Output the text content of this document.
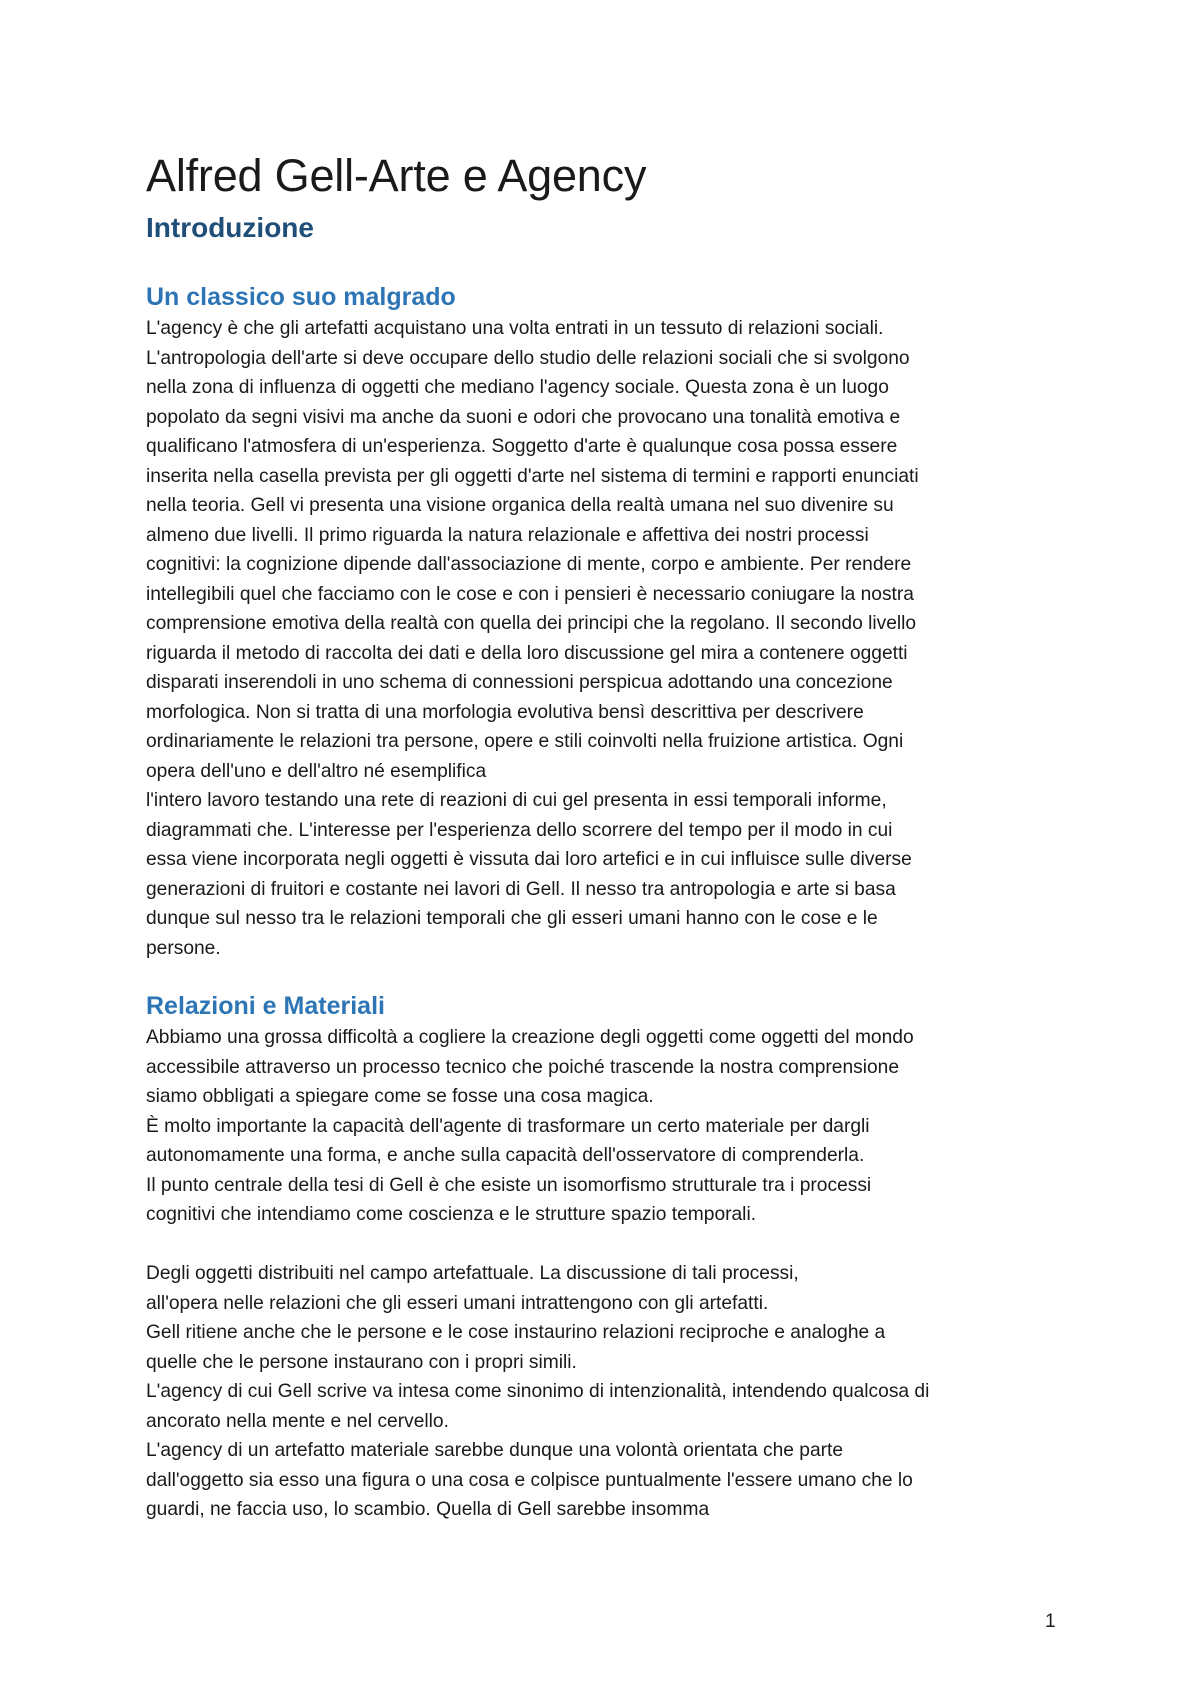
Alfred Gell-Arte e Agency
Introduzione
Un classico suo malgrado

L'agency è che gli artefatti acquistano una volta entrati in un tessuto di relazioni sociali.

L'antropologia dell'arte si deve occupare dello studio delle relazioni sociali che si svolgono

nella zona di influenza di oggetti che mediano l'agency sociale. Questa zona è un luogo

popolato da segni visivi ma anche da suoni e odori che provocano una tonalità emotiva e

qualificano l'atmosfera di un'esperienza. Soggetto d'arte è qualunque cosa possa essere

inserita nella casella prevista per gli oggetti d'arte nel sistema di termini e rapporti enunciati

nella teoria. Gell vi presenta una visione organica della realtà umana nel suo divenire su

almeno due livelli. Il primo riguarda la natura relazionale e affettiva dei nostri processi

cognitivi: la cognizione dipende dall'associazione di mente, corpo e ambiente. Per rendere

intellegibili quel che facciamo con le cose e con i pensieri è necessario coniugare la nostra

comprensione emotiva della realtà con quella dei principi che la regolano. Il secondo livello

riguarda il metodo di raccolta dei dati e della loro discussione gel mira a contenere oggetti

disparati inserendoli in uno schema di connessioni perspicua adottando una concezione

morfologica. Non si tratta di una morfologia evolutiva bensì descrittiva per descrivere

ordinariamente le relazioni tra persone, opere e stili coinvolti nella fruizione artistica. Ogni

opera dell'uno e dell'altro né esemplifica

l'intero lavoro testando una rete di reazioni di cui gel presenta in essi temporali informe,

diagrammati che. L'interesse per l'esperienza dello scorrere del tempo per il modo in cui

essa viene incorporata negli oggetti è vissuta dai loro artefici e in cui influisce sulle diverse

generazioni di fruitori e costante nei lavori di Gell. Il nesso tra antropologia e arte si basa

dunque sul nesso tra le relazioni temporali che gli esseri umani hanno con le cose e le

persone.

Relazioni e Materiali

Abbiamo una grossa difficoltà a cogliere la creazione degli oggetti come oggetti del mondo

accessibile attraverso un processo tecnico che poiché trascende la nostra comprensione

siamo obbligati a spiegare come se fosse una cosa magica.

È molto importante la capacità dell'agente di trasformare un certo materiale per dargli

autonomamente una forma, e anche sulla capacità dell'osservatore di comprenderla.

Il punto centrale della tesi di Gell è che esiste un isomorfismo strutturale tra i processi

cognitivi che intendiamo come coscienza e le strutture spazio temporali.

Degli oggetti distribuiti nel campo artefattuale. La discussione di tali processi,

all'opera nelle relazioni che gli esseri umani intrattengono con gli artefatti.

Gell ritiene anche che le persone e le cose instaurino relazioni reciproche e analoghe a

quelle che le persone instaurano con i propri simili.

L'agency di cui Gell scrive va intesa come sinonimo di intenzionalità, intendendo qualcosa di

ancorato nella mente e nel cervello.

L'agency di un artefatto materiale sarebbe dunque una volontà orientata che parte

dall'oggetto sia esso una figura o una cosa e colpisce puntualmente l'essere umano che lo

guardi, ne faccia uso, lo scambio. Quella di Gell sarebbe insomma

1
